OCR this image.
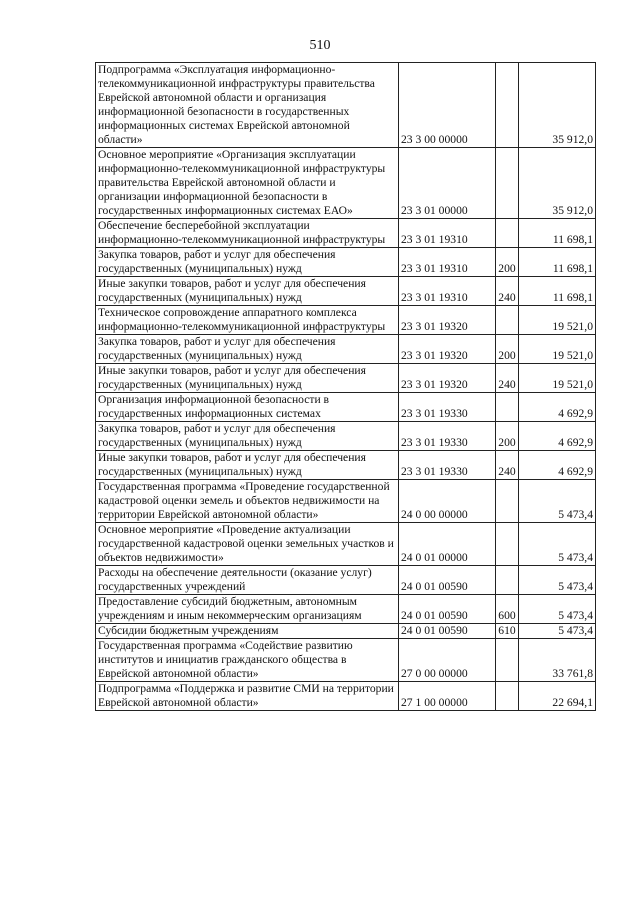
510
Подпрограмма «Эксплуатация информационно-телекоммуникационной инфраструктуры правительства Еврейской автономной области и организация информационной безопасности в государственных информационных системах Еврейской автономной области»	23 3 00 00000		35 912,0
Основное мероприятие «Организация эксплуатации информационно-телекоммуникационной инфраструктуры правительства Еврейской автономной области и организации информационной безопасности в государственных информационных системах ЕАО»	23 3 01 00000		35 912,0
Обеспечение бесперебойной эксплуатации информационно-телекоммуникационной инфраструктуры	23 3 01 19310		11 698,1
Закупка товаров, работ и услуг для обеспечения государственных (муниципальных) нужд	23 3 01 19310	200	11 698,1
Иные закупки товаров, работ и услуг для обеспечения государственных (муниципальных) нужд	23 3 01 19310	240	11 698,1
Техническое сопровождение аппаратного комплекса информационно-телекоммуникационной инфраструктуры	23 3 01 19320		19 521,0
Закупка товаров, работ и услуг для обеспечения государственных (муниципальных) нужд	23 3 01 19320	200	19 521,0
Иные закупки товаров, работ и услуг для обеспечения государственных (муниципальных) нужд	23 3 01 19320	240	19 521,0
Организация информационной безопасности в государственных информационных системах	23 3 01 19330		4 692,9
Закупка товаров, работ и услуг для обеспечения государственных (муниципальных) нужд	23 3 01 19330	200	4 692,9
Иные закупки товаров, работ и услуг для обеспечения государственных (муниципальных) нужд	23 3 01 19330	240	4 692,9
Государственная программа «Проведение государственной кадастровой оценки земель и объектов недвижимости на территории Еврейской автономной области»	24 0 00 00000		5 473,4
Основное мероприятие «Проведение актуализации государственной кадастровой оценки земельных участков и объектов недвижимости»	24 0 01 00000		5 473,4
Расходы на обеспечение деятельности (оказание услуг) государственных учреждений	24 0 01 00590		5 473,4
Предоставление субсидий бюджетным, автономным учреждениям и иным некоммерческим организациям	24 0 01 00590	600	5 473,4
Субсидии бюджетным учреждениям	24 0 01 00590	610	5 473,4
Государственная программа «Содействие развитию институтов и инициатив гражданского общества в Еврейской автономной области»	27 0 00 00000		33 761,8
Подпрограмма «Поддержка и развитие СМИ на территории Еврейской автономной области»	27 1 00 00000		22 694,1
